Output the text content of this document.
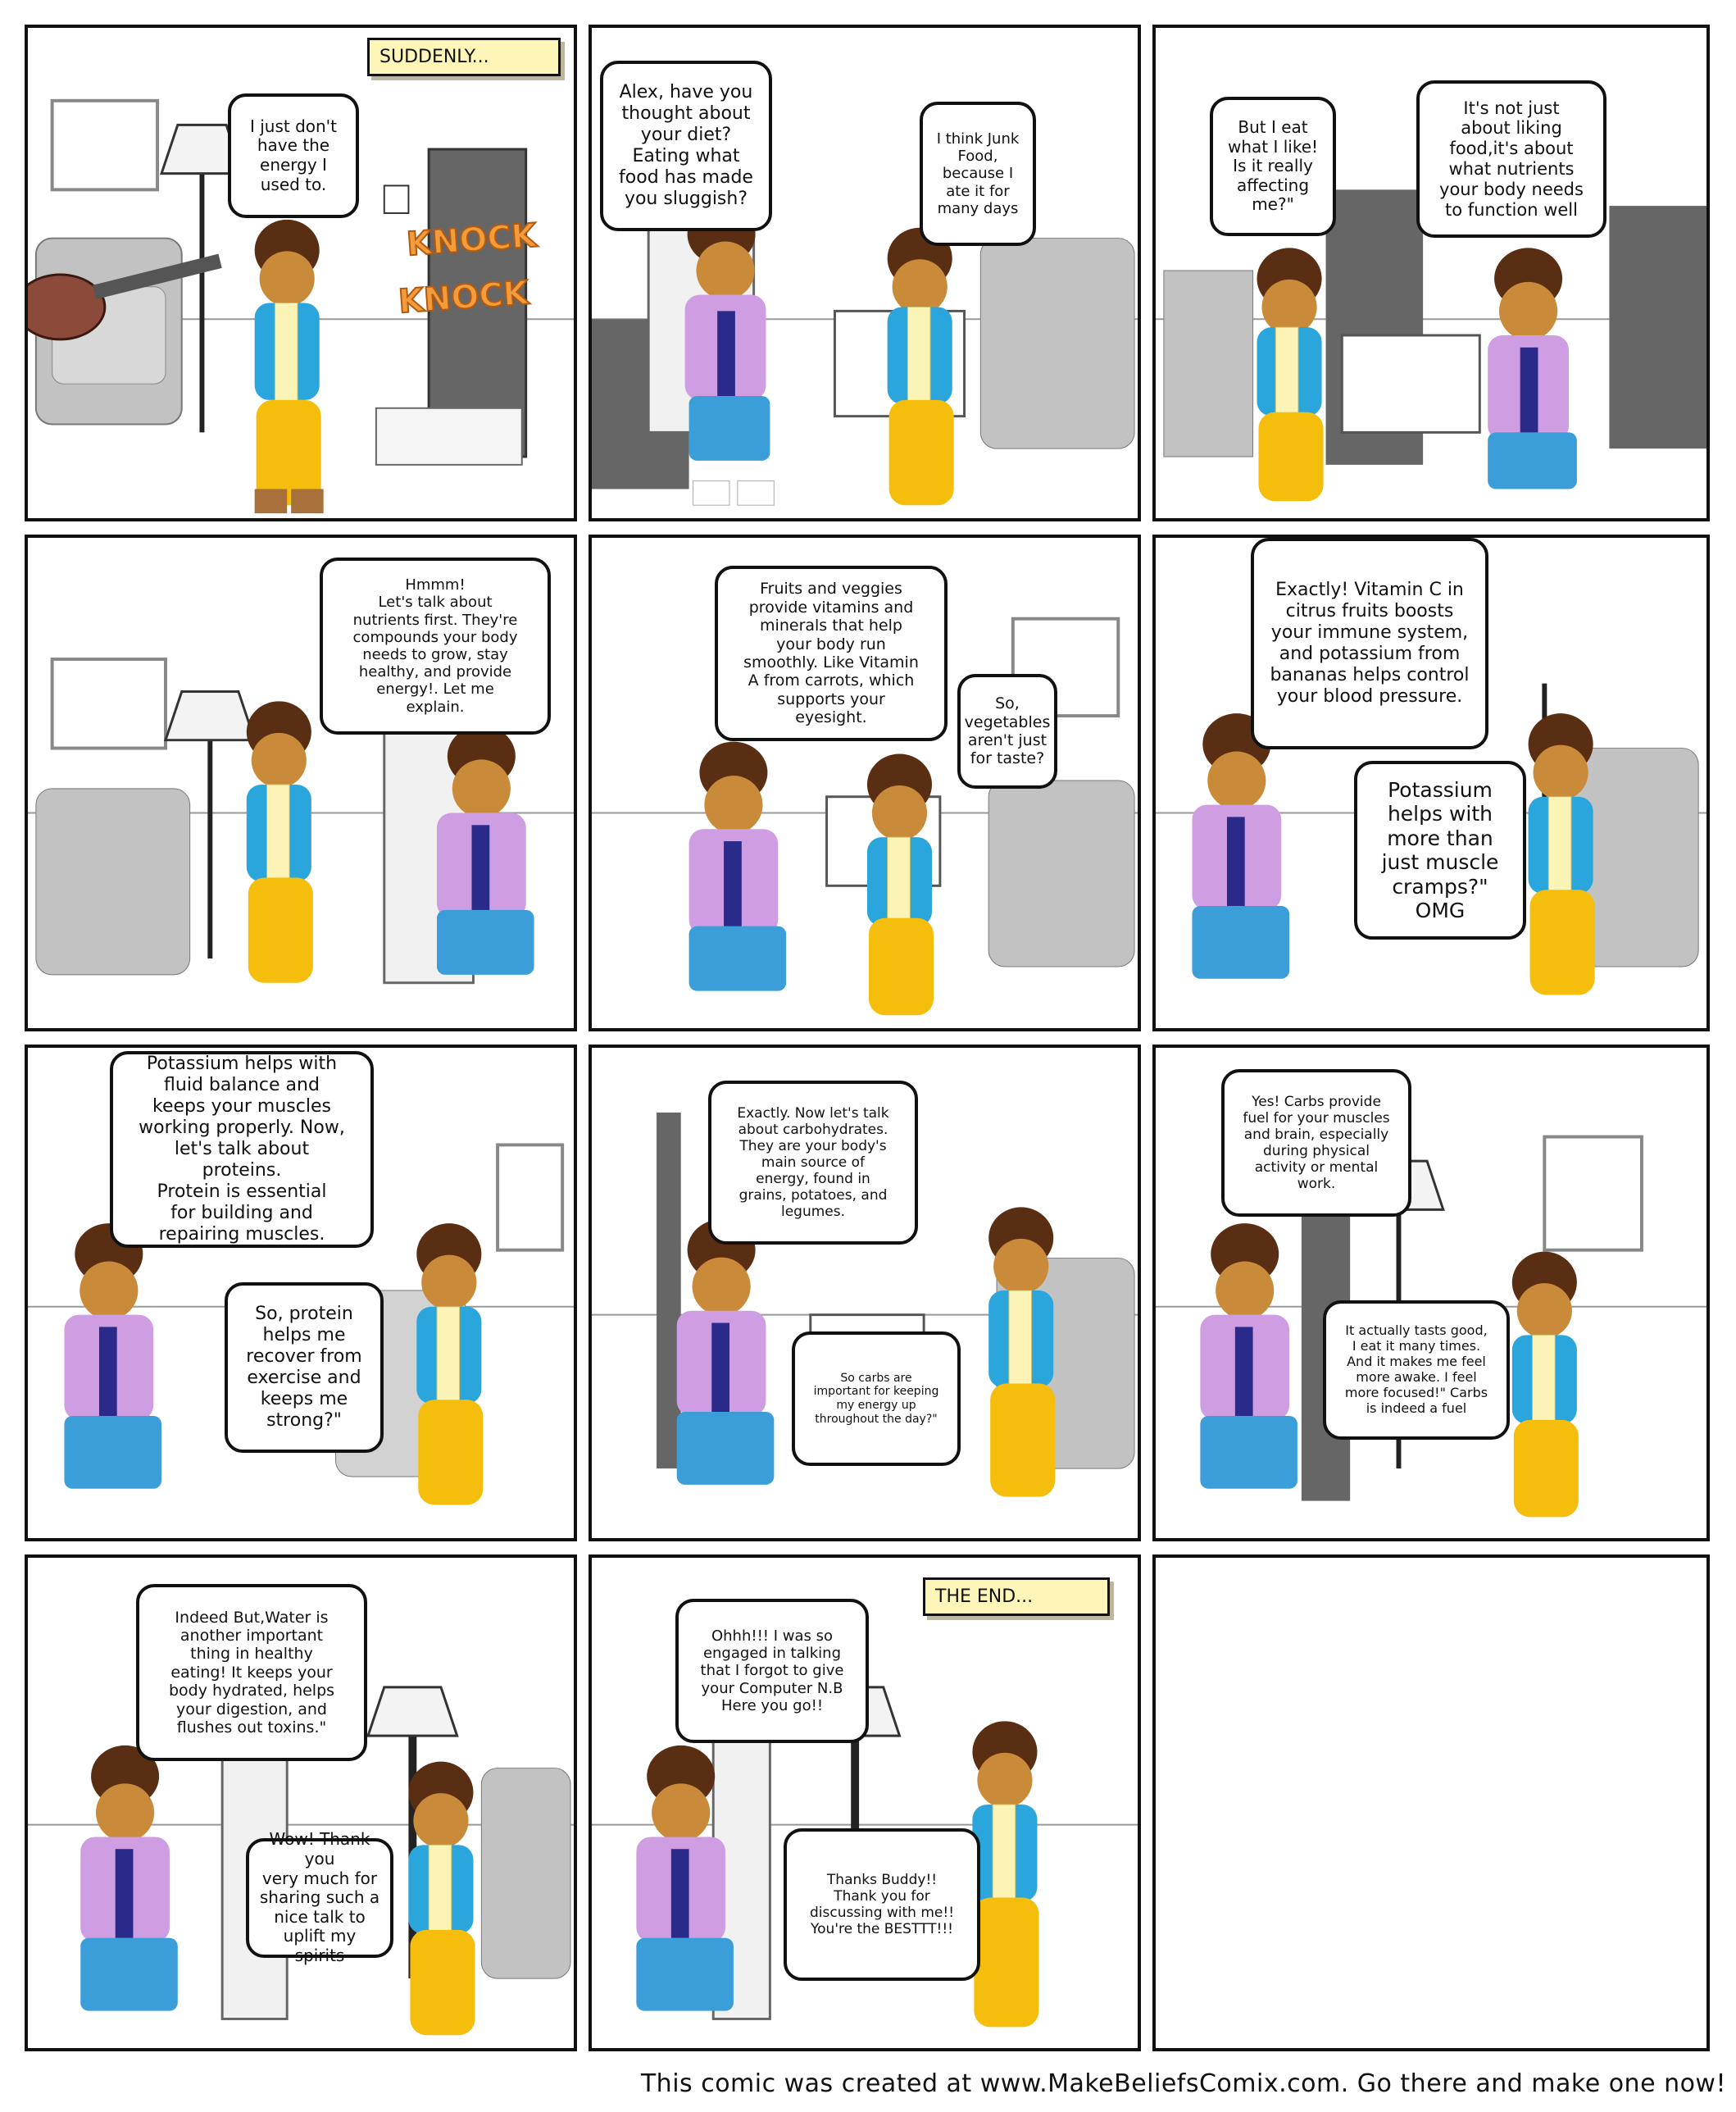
SUDDENLY...
KNOCK
KNOCK
I just don't
have the
energy I
used to.
Alex, have you
thought about
your diet?
Eating what
food has made
you sluggish?
I think Junk
Food,
because I
ate it for
many days
But I eat
what I like!
Is it really
affecting
me?"
It's not just
about liking
food,it's about
what nutrients
your body needs
to function well
Hmmm!
Let's talk about
nutrients first. They're
compounds your body
needs to grow, stay
healthy, and provide
energy!. Let me
explain.
Fruits and veggies
provide vitamins and
minerals that help
your body run
smoothly. Like Vitamin
A from carrots, which
supports your
eyesight.
So,
vegetables
aren't just
for taste?
Exactly! Vitamin C in
citrus fruits boosts
your immune system,
and potassium from
bananas helps control
your blood pressure.
Potassium
helps with
more than
just muscle
cramps?"
OMG
Potassium helps with
fluid balance and
keeps your muscles
working properly. Now,
let's talk about
proteins.
Protein is essential
for building and
repairing muscles.
So, protein
helps me
recover from
exercise and
keeps me
strong?"
Exactly. Now let's talk
about carbohydrates.
They are your body's
main source of
energy, found in
grains, potatoes, and
legumes.
So carbs are
important for keeping
my energy up
throughout the day?"
Yes! Carbs provide
fuel for your muscles
and brain, especially
during physical
activity or mental
work.
It actually tasts good,
I eat it many times.
And it makes me feel
more awake. I feel
more focused!" Carbs
is indeed a fuel
Indeed But,Water is
another important
thing in healthy
eating! It keeps your
body hydrated, helps
your digestion, and
flushes out toxins."
Wow! Thank you
very much for
sharing such a
nice talk to
uplift my spirits
THE END...
Ohhh!!! I was so
engaged in talking
that I forgot to give
your Computer N.B
Here you go!!
Thanks Buddy!!
Thank you for
discussing with me!!
You're the BESTTT!!!
This comic was created at www.MakeBeliefsComix.com. Go there and make one now!
